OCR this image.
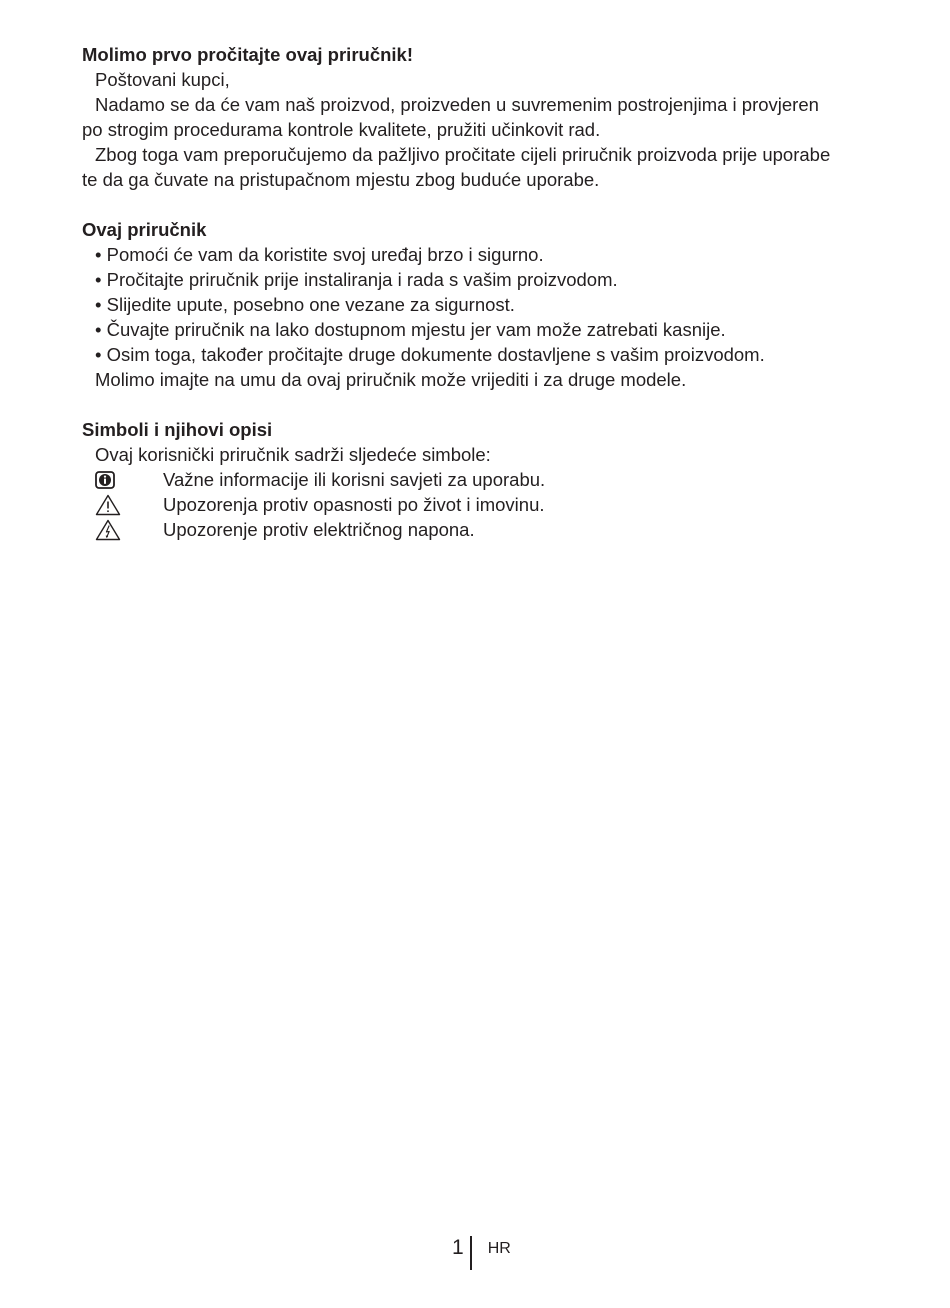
Molimo prvo pročitajte ovaj priručnik!

Poštovani kupci,

Nadamo se da će vam naš proizvod, proizveden u suvremenim postrojenjima i provjeren

po strogim procedurama kontrole kvalitete, pružiti učinkovit rad.

Zbog toga vam preporučujemo da pažljivo pročitate cijeli priručnik proizvoda prije uporabe

te da ga čuvate na pristupačnom mjestu zbog buduće uporabe.

Ovaj priručnik

• Pomoći će vam da koristite svoj uređaj brzo i sigurno.
• Pročitajte priručnik prije instaliranja i rada s vašim proizvodom.
• Slijedite upute, posebno one vezane za sigurnost.
• Čuvajte priručnik na lako dostupnom mjestu jer vam može zatrebati kasnije.
• Osim toga, također pročitajte druge dokumente dostavljene s vašim proizvodom.

Molimo imajte na umu da ovaj priručnik može vrijediti i za druge modele.

Simboli i njihovi opisi

Ovaj korisnički priručnik sadrži sljedeće simbole:

Važne informacije ili korisni savjeti za uporabu.
Upozorenja protiv opasnosti po život i imovinu.
Upozorenje protiv električnog napona.
1 HR
